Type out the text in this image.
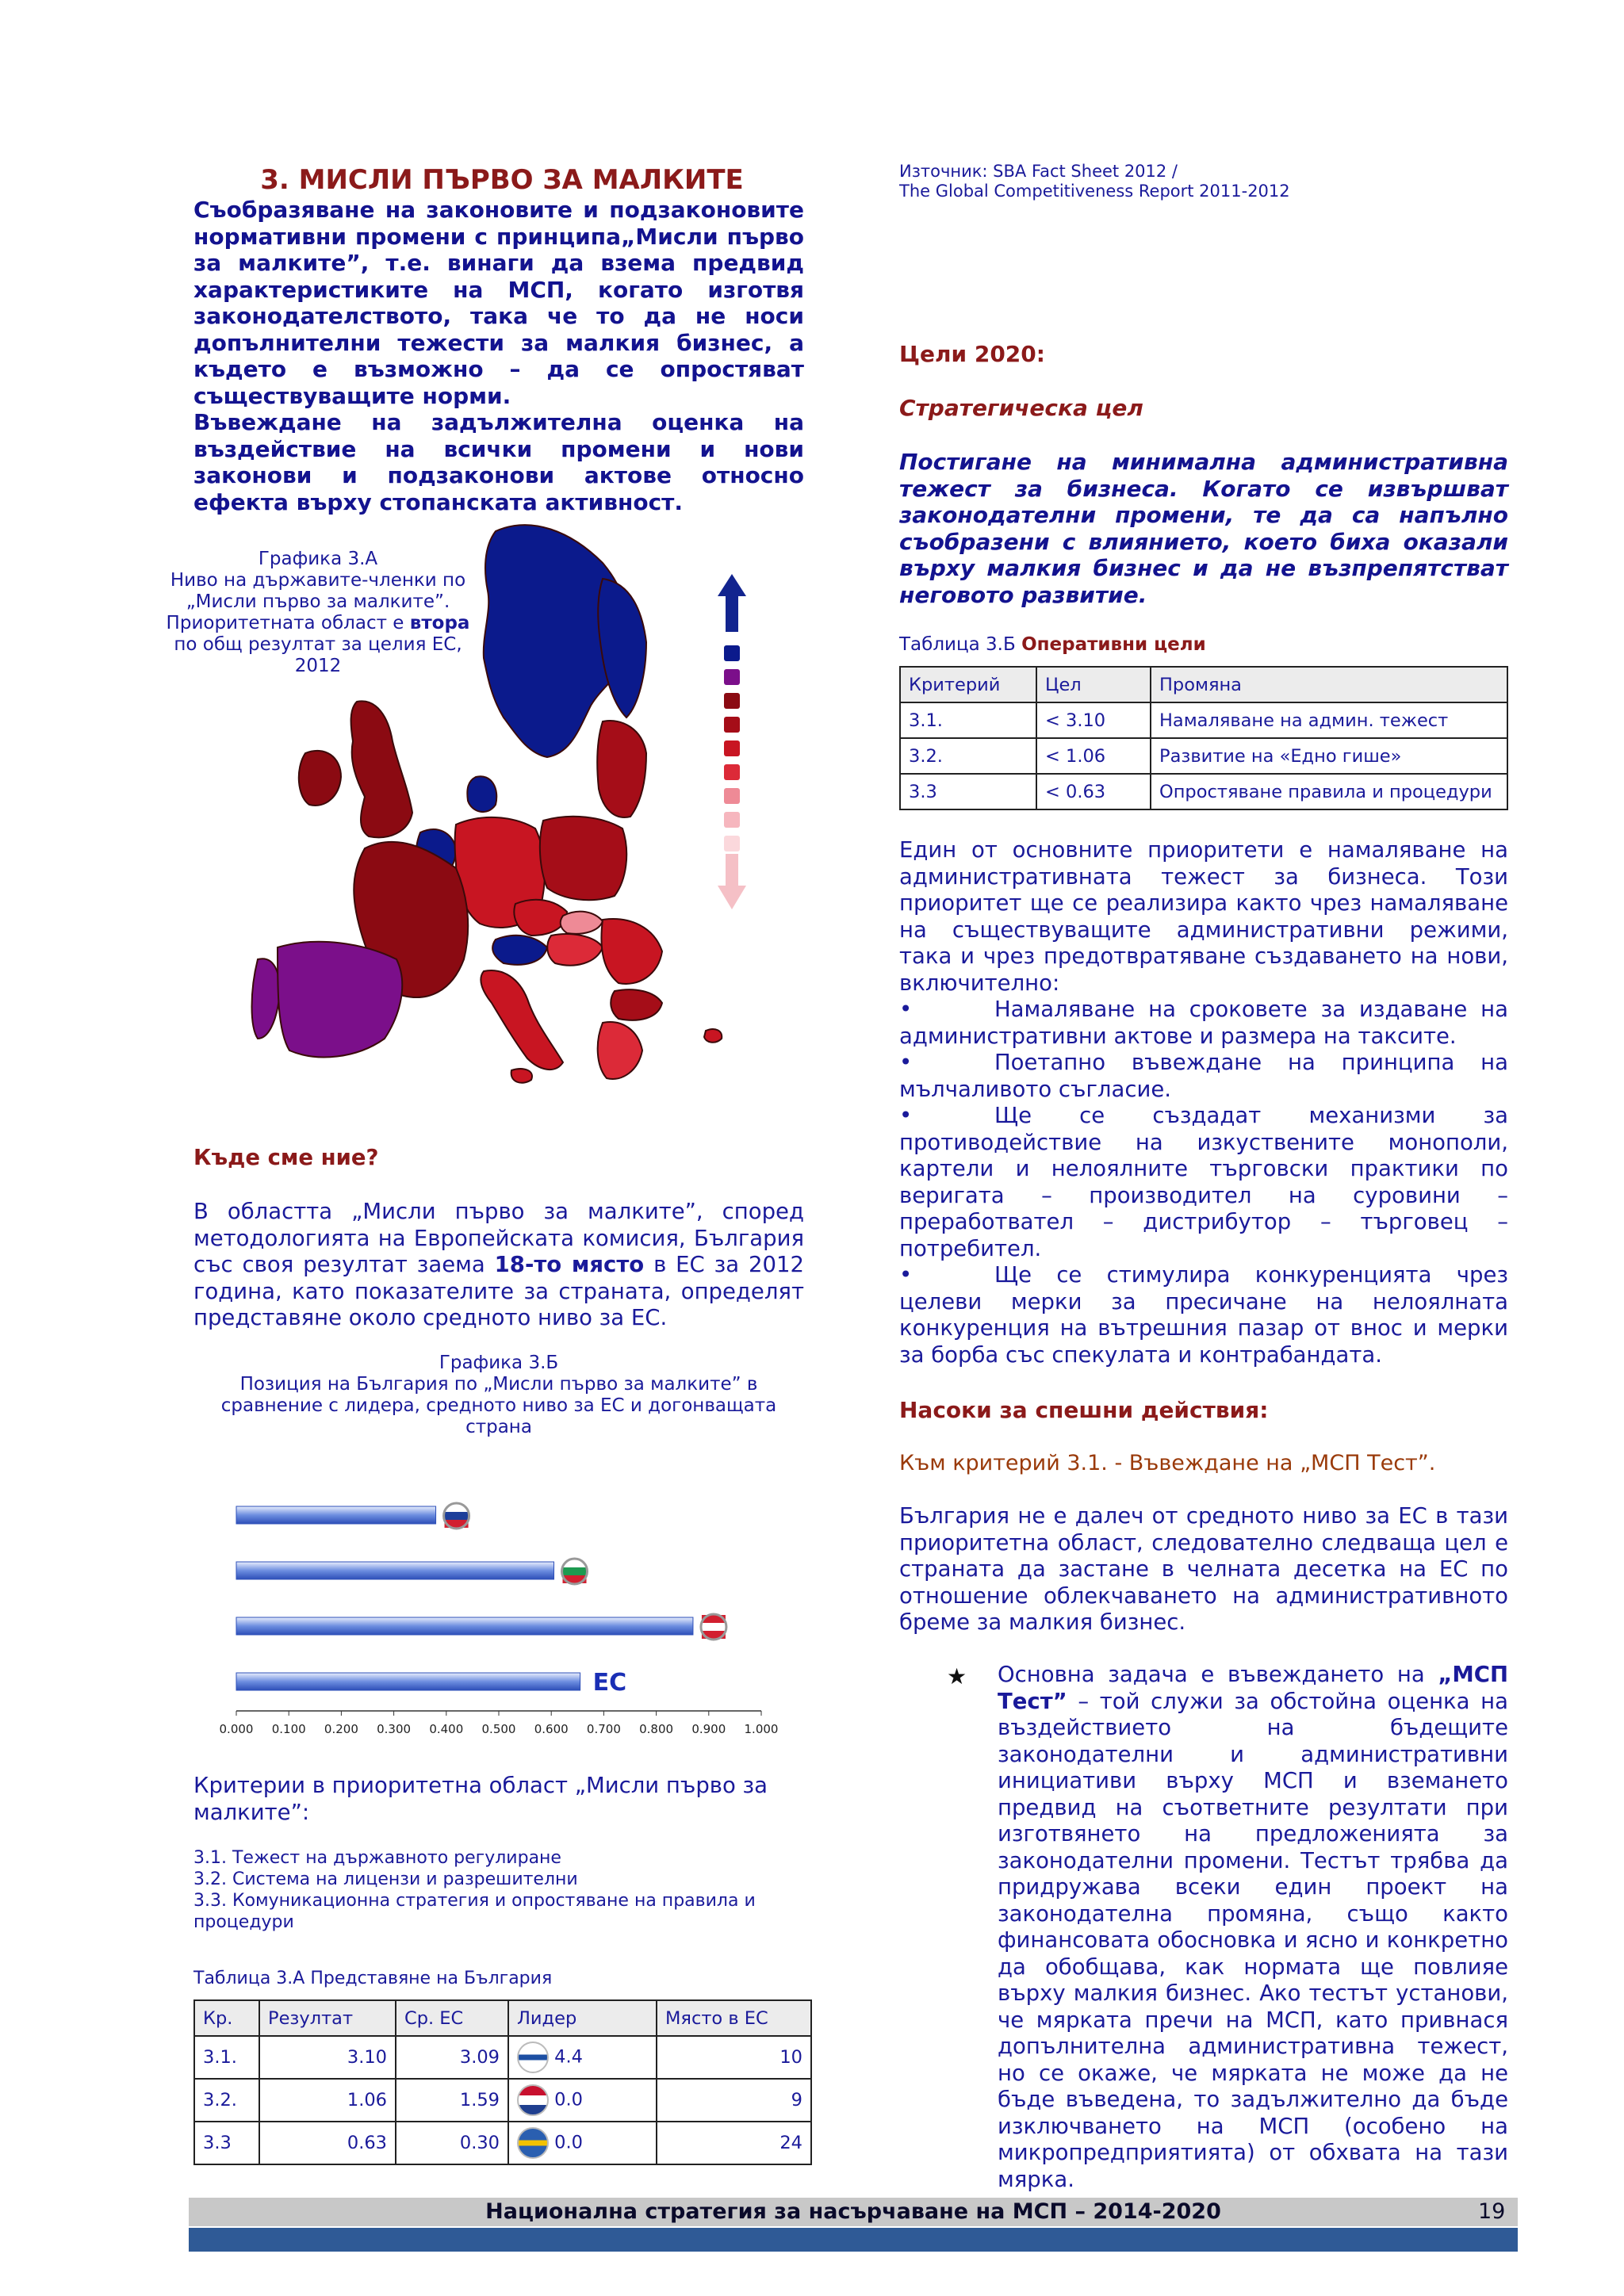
3. МИСЛИ ПЪРВО ЗА МАЛКИТЕ
Съобразяване на законовите и подзаконовите нормативни промени с принципа„Мисли първо за малките”, т.е. винаги да взема предвид характеристиките на МСП, когато изготвя законодателството, така че то да не носи допълнителни тежести за малкия бизнес, а където е възможно – да се опростяват съществуващите норми.
Въвеждане на задължителна оценка на въздействие на всички промени и нови законови и подзаконови актове относно ефекта върху стопанската активност.
Графика 3.А
Ниво на държавите-членки по „Мисли първо за малките”.
Приоритетната област е втора по общ резултат за целия ЕС, 2012
Къде сме ние?
В областта „Мисли първо за малките”, според методологията на Европейската комисия, България със своя резултат заема 18-то място в ЕС за 2012 година, като показателите за страната, определят представяне около средното ниво за ЕС.
Графика 3.Б
Позиция на България по „Мисли първо за малките” в сравнение с лидера, средното ниво за ЕС и догонващата страна
ЕС
0.000 0.100 0.200 0.300 0.400 0.500 0.600 0.700 0.800 0.900 1.000
Критерии в приоритетна област „Мисли първо за малките”:
3.1. Тежест на държавното регулиране
3.2. Система на лицензи и разрешителни
3.3. Комуникационна стратегия и опростяване на правила и процедури
Таблица 3.А Представяне на България
Кр.	Резултат	Ср. ЕС	Лидер	Място в ЕС
3.1.	3.10	3.09	4.4	10
3.2.	1.06	1.59	0.0	9
3.3	0.63	0.30	0.0	24
Източник: SBA Fact Sheet 2012 /
The Global Competitiveness Report 2011-2012
Цели 2020:
Стратегическа цел
Постигане на минимална административна тежест за бизнеса. Когато се извършват законодателни промени, те да са напълно съобразени с влиянието, което биха оказали върху малкия бизнес и да не възпрепятстват неговото развитие.
Таблица 3.Б Оперативни цели
Критерий	Цел	Промяна
3.1.	< 3.10	Намаляване на админ. тежест
3.2.	< 1.06	Развитие на «Едно гише»
3.3	< 0.63	Опростяване правила и процедури
Един от основните приоритети е намаляване на административната тежест за бизнеса. Този приоритет ще се реализира както чрез намаляване на съществуващите административни режими, така и чрез предотвратяване създаването на нови, включително:
•	Намаляване на сроковете за издаване на
административни актове и размера на таксите.
•	Поетапно въвеждане на принципа на
мълчаливото съгласие.
•	Ще се създадат механизми за
противодействие на изкуствените монополи, картели и нелоялните търговски практики по веригата – производител на суровини – преработвател – дистрибутор – търговец – потребител.
•	Ще се стимулира конкуренцията чрез
целеви мерки за пресичане на нелоялната конкуренция на вътрешния пазар от внос и мерки за борба със спекулата и контрабандата.
Насоки за спешни действия:
Към критерий 3.1. - Въвеждане на „МСП Тест”.
България не е далеч от средното ниво за ЕС в тази приоритетна област, следователно следваща цел е страната да застане в челната десетка на ЕС по отношение облекчаването на административното бреме за малкия бизнес.
★ Основна задача е въвеждането на „МСП Тест” – той служи за обстойна оценка на въздействието на бъдещите законодателни и административни инициативи върху МСП и вземането предвид на съответните резултати при изготвянето на предложенията за законодателни промени. Тестът трябва да придружава всеки един проект на законодателна промяна, също както финансовата обосновка и ясно и конкретно да обобщава, как нормата ще повлияе върху малкия бизнес. Ако тестът установи, че мярката пречи на МСП, като привнася допълнителна административна тежест, но се окаже, че мярката не може да не бъде въведена, то задължително да бъде изключването на МСП (особено на микропредприятията) от обхвата на тази мярка.
Национална стратегия за насърчаване на МСП – 2014-2020	19
